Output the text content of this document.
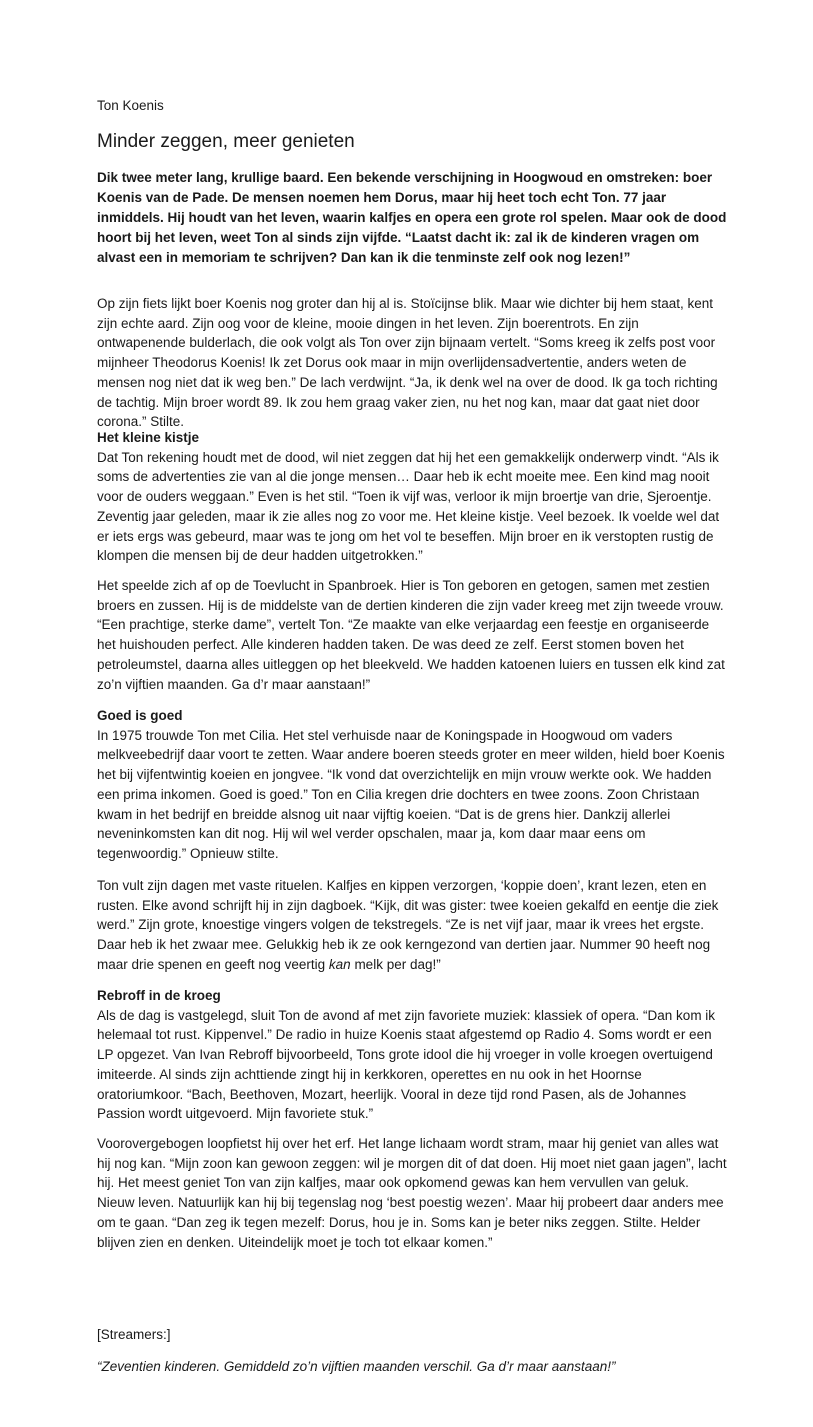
Ton Koenis
Minder zeggen, meer genieten

Dik twee meter lang, krullige baard. Een bekende verschijning in Hoogwoud en omstreken: boer Koenis van de Pade. De mensen noemen hem Dorus, maar hij heet toch echt Ton. 77 jaar inmiddels. Hij houdt van het leven, waarin kalfjes en opera een grote rol spelen. Maar ook de dood hoort bij het leven, weet Ton al sinds zijn vijfde. “Laatst dacht ik: zal ik de kinderen vragen om alvast een in memoriam te schrijven? Dan kan ik die tenminste zelf ook nog lezen!”

Op zijn fiets lijkt boer Koenis nog groter dan hij al is. Stoïcijnse blik. Maar wie dichter bij hem staat, kent zijn echte aard. Zijn oog voor de kleine, mooie dingen in het leven. Zijn boerentrots. En zijn ontwapenende bulderlach, die ook volgt als Ton over zijn bijnaam vertelt. “Soms kreeg ik zelfs post voor mijnheer Theodorus Koenis! Ik zet Dorus ook maar in mijn overlijdensadvertentie, anders weten de mensen nog niet dat ik weg ben.” De lach verdwijnt. “Ja, ik denk wel na over de dood. Ik ga toch richting de tachtig. Mijn broer wordt 89. Ik zou hem graag vaker zien, nu het nog kan, maar dat gaat niet door corona.” Stilte.

Het kleine kistje
Dat Ton rekening houdt met de dood, wil niet zeggen dat hij het een gemakkelijk onderwerp vindt. “Als ik soms de advertenties zie van al die jonge mensen… Daar heb ik echt moeite mee. Een kind mag nooit voor de ouders weggaan.” Even is het stil. “Toen ik vijf was, verloor ik mijn broertje van drie, Sjeroentje. Zeventig jaar geleden, maar ik zie alles nog zo voor me. Het kleine kistje. Veel bezoek. Ik voelde wel dat er iets ergs was gebeurd, maar was te jong om het vol te beseffen. Mijn broer en ik verstopten rustig de klompen die mensen bij de deur hadden uitgetrokken.”

Het speelde zich af op de Toevlucht in Spanbroek. Hier is Ton geboren en getogen, samen met zestien broers en zussen. Hij is de middelste van de dertien kinderen die zijn vader kreeg met zijn tweede vrouw. “Een prachtige, sterke dame”, vertelt Ton. “Ze maakte van elke verjaardag een feestje en organiseerde het huishouden perfect. Alle kinderen hadden taken. De was deed ze zelf. Eerst stomen boven het petroleumstel, daarna alles uitleggen op het bleekveld. We hadden katoenen luiers en tussen elk kind zat zo’n vijftien maanden. Ga d’r maar aanstaan!”

Goed is goed
In 1975 trouwde Ton met Cilia. Het stel verhuisde naar de Koningspade in Hoogwoud om vaders melkveebedrijf daar voort te zetten. Waar andere boeren steeds groter en meer wilden, hield boer Koenis het bij vijfentwintig koeien en jongvee. “Ik vond dat overzichtelijk en mijn vrouw werkte ook. We hadden een prima inkomen. Goed is goed.” Ton en Cilia kregen drie dochters en twee zoons. Zoon Christaan kwam in het bedrijf en breidde alsnog uit naar vijftig koeien. “Dat is de grens hier. Dankzij allerlei neveninkomsten kan dit nog. Hij wil wel verder opschalen, maar ja, kom daar maar eens om tegenwoordig.” Opnieuw stilte.

Ton vult zijn dagen met vaste rituelen. Kalfjes en kippen verzorgen, ‘koppie doen’, krant lezen, eten en rusten. Elke avond schrijft hij in zijn dagboek. “Kijk, dit was gister: twee koeien gekalfd en eentje die ziek werd.” Zijn grote, knoestige vingers volgen de tekstregels. “Ze is net vijf jaar, maar ik vrees het ergste. Daar heb ik het zwaar mee. Gelukkig heb ik ze ook kerngezond van dertien jaar. Nummer 90 heeft nog maar drie spenen en geeft nog veertig kan melk per dag!”

Rebroff in de kroeg
Als de dag is vastgelegd, sluit Ton de avond af met zijn favoriete muziek: klassiek of opera. “Dan kom ik helemaal tot rust. Kippenvel.” De radio in huize Koenis staat afgestemd op Radio 4. Soms wordt er een LP opgezet. Van Ivan Rebroff bijvoorbeeld, Tons grote idool die hij vroeger in volle kroegen overtuigend imiteerde. Al sinds zijn achttiende zingt hij in kerkkoren, operettes en nu ook in het Hoornse oratoriumkoor. “Bach, Beethoven, Mozart, heerlijk. Vooral in deze tijd rond Pasen, als de Johannes Passion wordt uitgevoerd. Mijn favoriete stuk.”

Voorovergebogen loopfietst hij over het erf. Het lange lichaam wordt stram, maar hij geniet van alles wat hij nog kan. “Mijn zoon kan gewoon zeggen: wil je morgen dit of dat doen. Hij moet niet gaan jagen”, lacht hij. Het meest geniet Ton van zijn kalfjes, maar ook opkomend gewas kan hem vervullen van geluk. Nieuw leven. Natuurlijk kan hij bij tegenslag nog ‘best poestig wezen’. Maar hij probeert daar anders mee om te gaan. “Dan zeg ik tegen mezelf: Dorus, hou je in. Soms kan je beter niks zeggen. Stilte. Helder blijven zien en denken. Uiteindelijk moet je toch tot elkaar komen.”

[Streamers:]
“Zeventien kinderen. Gemiddeld zo’n vijftien maanden verschil. Ga d’r maar aanstaan!”
